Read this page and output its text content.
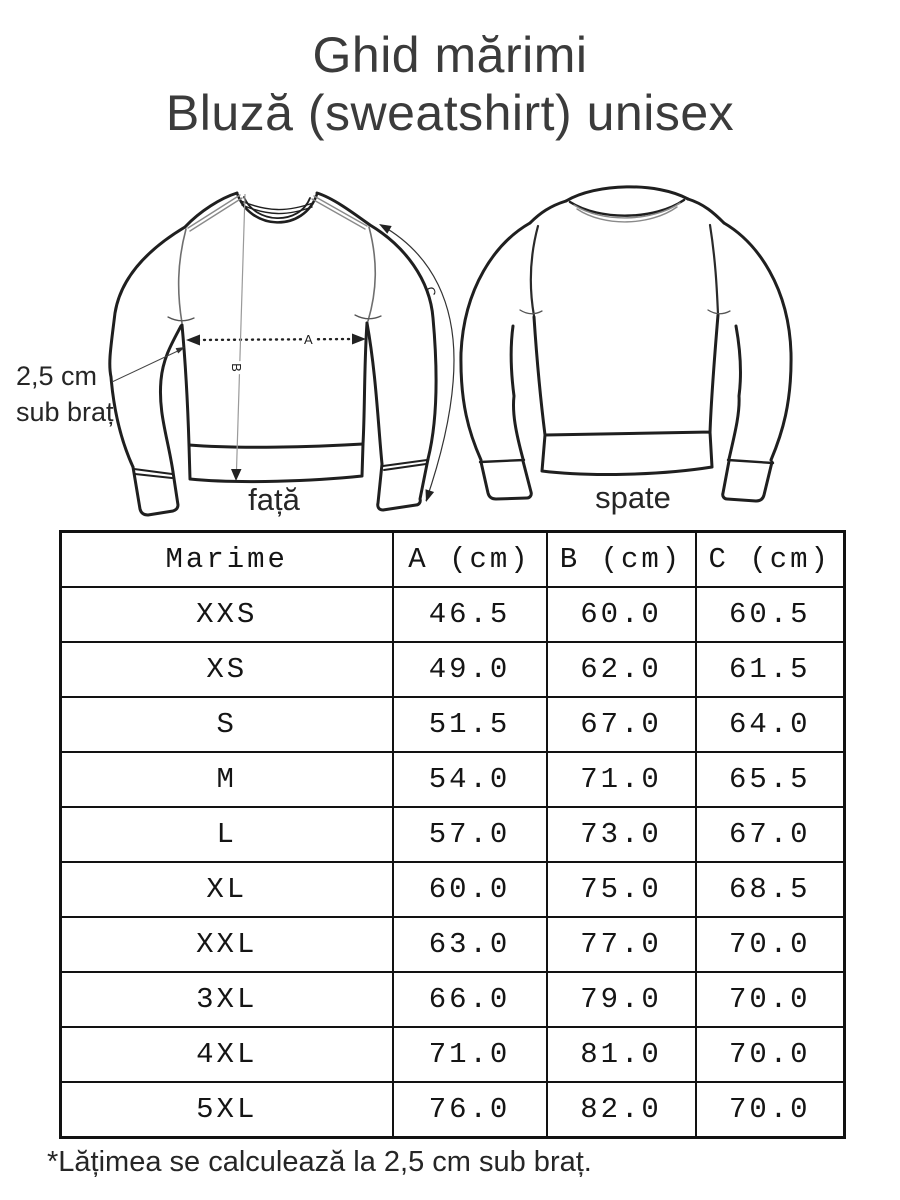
Ghid mărimi
Bluză (sweatshirt) unisex
2,5 cm
sub braț
față	spate
A
B
C
Marime	A (cm)	B (cm)	C (cm)
XXS	46.5	60.0	60.5
XS	49.0	62.0	61.5
S	51.5	67.0	64.0
M	54.0	71.0	65.5
L	57.0	73.0	67.0
XL	60.0	75.0	68.5
XXL	63.0	77.0	70.0
3XL	66.0	79.0	70.0
4XL	71.0	81.0	70.0
5XL	76.0	82.0	70.0
*Lățimea se calculează la 2,5 cm sub braț.
